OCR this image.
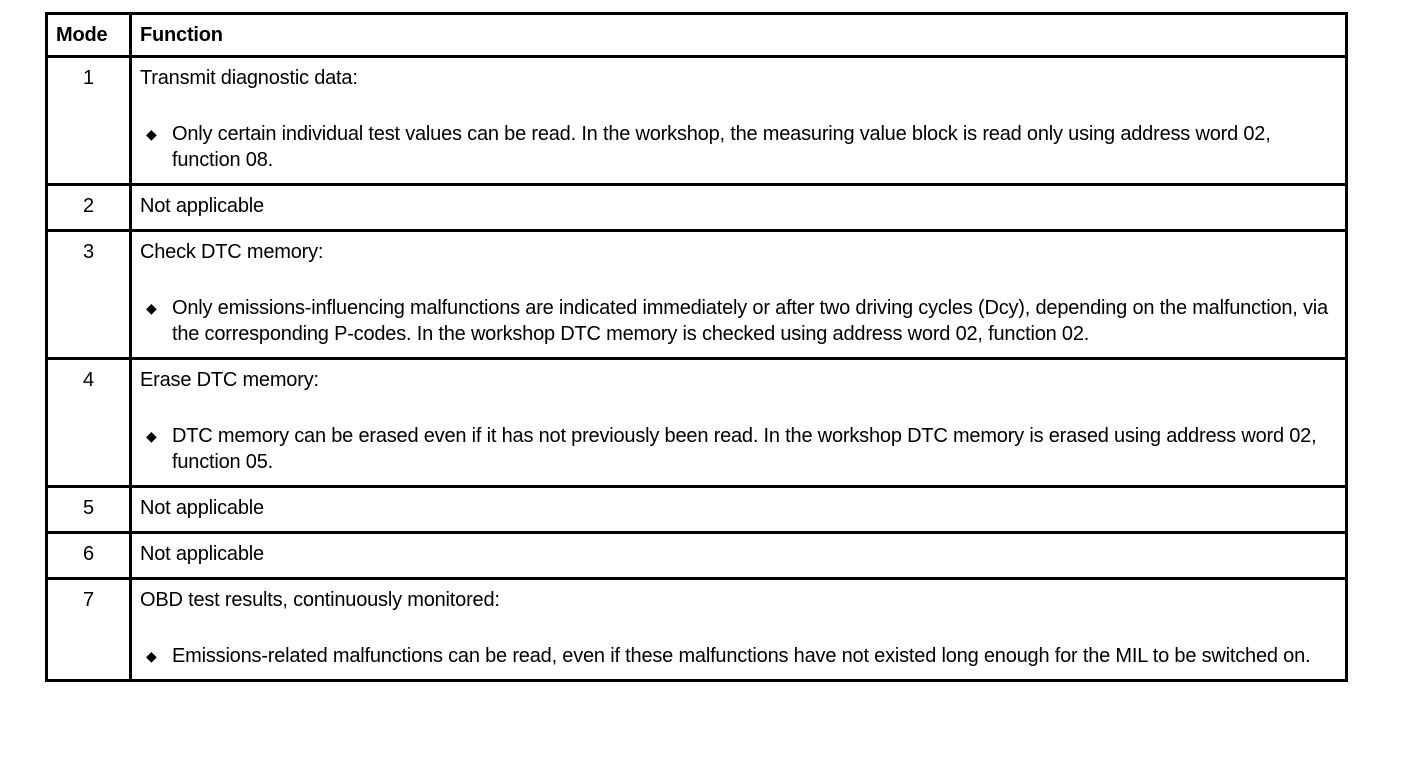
Mode	Function
1	Transmit diagnostic data:
◆ Only certain individual test values can be read. In the workshop, the measuring value block is read only using address word 02, function 08.

2	Not applicable

3	Check DTC memory:
◆ Only emissions-influencing malfunctions are indicated immediately or after two driving cycles (Dcy), depending on the malfunction, via the corresponding P-codes. In the workshop DTC memory is checked using address word 02, function 02.

4	Erase DTC memory:
◆ DTC memory can be erased even if it has not previously been read. In the workshop DTC memory is erased using address word 02, function 05.

5	Not applicable

6	Not applicable

7	OBD test results, continuously monitored:
◆ Emissions-related malfunctions can be read, even if these malfunctions have not existed long enough for the MIL to be switched on.
